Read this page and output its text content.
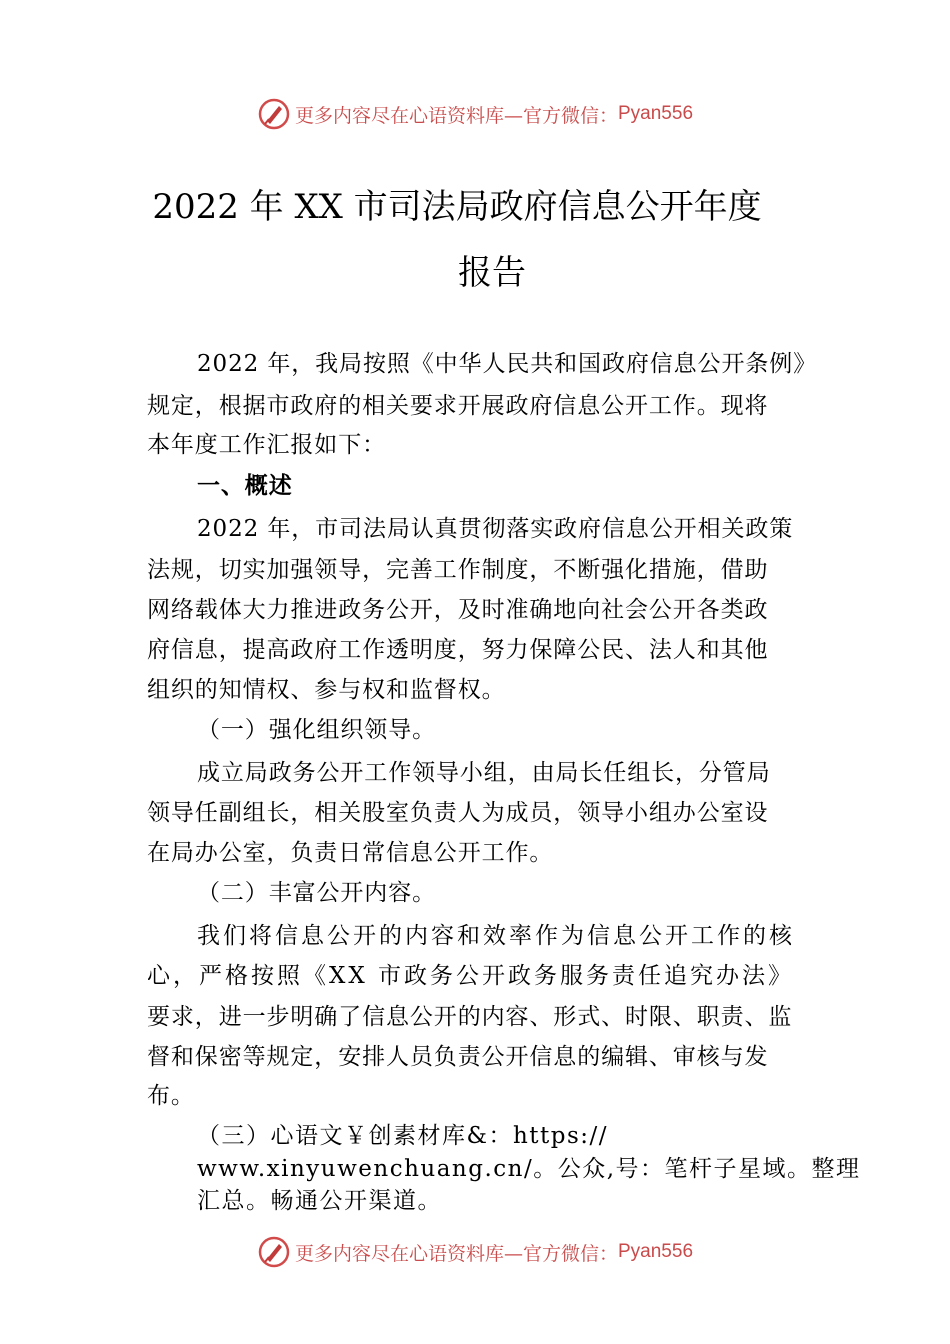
更多内容尽在心语资料库—官方微信： Pyan556
2022 年 XX 市司法局政府信息公开年度
报告
2022 年，我局按照《中华人民共和国政府信息公开条例》
规定，根据市政府的相关要求开展政府信息公开工作。现将
本年度工作汇报如下：
一、概述
2022 年，市司法局认真贯彻落实政府信息公开相关政策
法规，切实加强领导，完善工作制度，不断强化措施，借助
网络载体大力推进政务公开，及时准确地向社会公开各类政
府信息，提高政府工作透明度，努力保障公民、法人和其他
组织的知情权、参与权和监督权。
（一）强化组织领导。
成立局政务公开工作领导小组，由局长任组长，分管局
领导任副组长，相关股室负责人为成员，领导小组办公室设
在局办公室，负责日常信息公开工作。
（二）丰富公开内容。
我们将信息公开的内容和效率作为信息公开工作的核
心，严格按照《XX 市政务公开政务服务责任追究办法》
要求，进一步明确了信息公开的内容、形式、时限、职责、监
督和保密等规定，安排人员负责公开信息的编辑、审核与发
布。
（三）心语文￥创素材库&：https://
www.xinyuwenchuang.cn/。公众,号：笔杆子星域。整理
汇总。畅通公开渠道。
更多内容尽在心语资料库—官方微信： Pyan556
